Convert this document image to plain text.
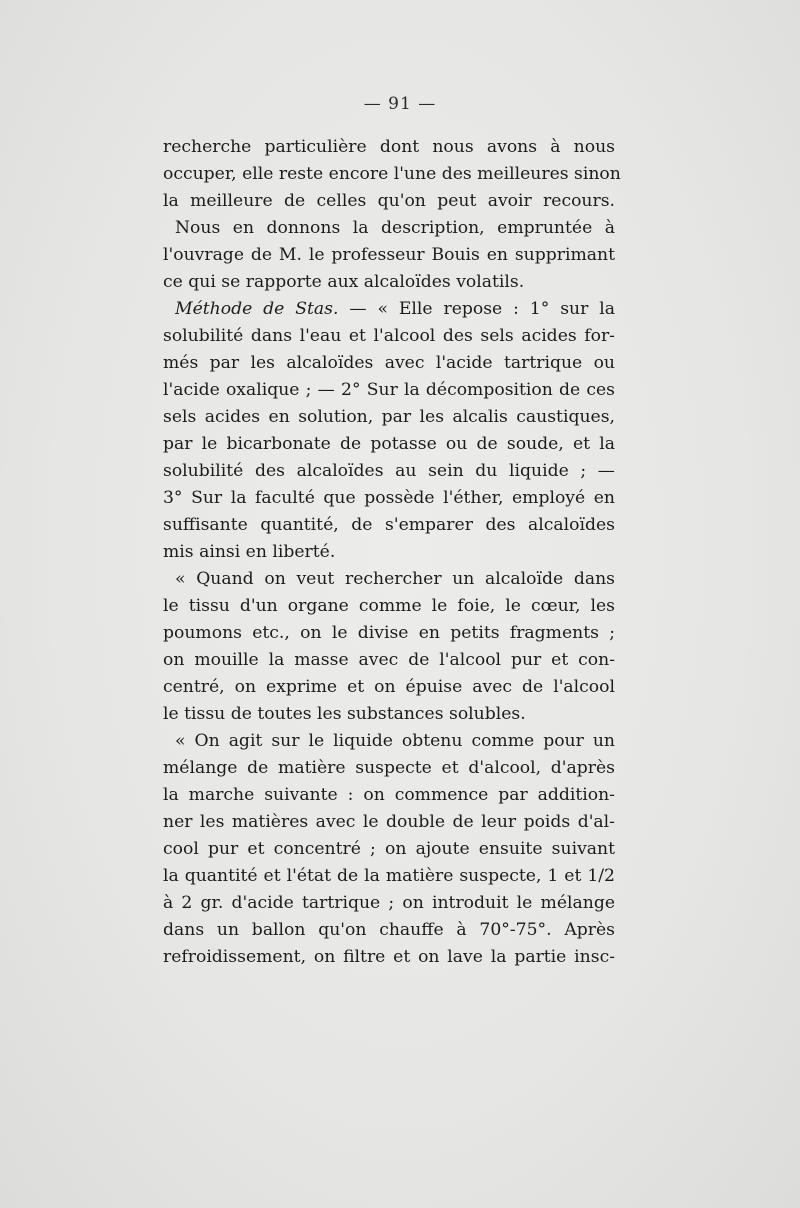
— 91 —
recherche particulière dont nous avons à nous
occuper, elle reste encore l'une des meilleures sinon
la meilleure de celles qu'on peut avoir recours.
Nous en donnons la description, empruntée à
l'ouvrage de M. le professeur Bouis en supprimant
ce qui se rapporte aux alcaloïdes volatils.
Méthode de Stas. — « Elle repose : 1° sur la
solubilité dans l'eau et l'alcool des sels acides for-
més par les alcaloïdes avec l'acide tartrique ou
l'acide oxalique ; — 2° Sur la décomposition de ces
sels acides en solution, par les alcalis caustiques,
par le bicarbonate de potasse ou de soude, et la
solubilité des alcaloïdes au sein du liquide ; —
3° Sur la faculté que possède l'éther, employé en
suffisante quantité, de s'emparer des alcaloïdes
mis ainsi en liberté.
« Quand on veut rechercher un alcaloïde dans
le tissu d'un organe comme le foie, le cœur, les
poumons etc., on le divise en petits fragments ;
on mouille la masse avec de l'alcool pur et con-
centré, on exprime et on épuise avec de l'alcool
le tissu de toutes les substances solubles.
« On agit sur le liquide obtenu comme pour un
mélange de matière suspecte et d'alcool, d'après
la marche suivante : on commence par addition-
ner les matières avec le double de leur poids d'al-
cool pur et concentré ; on ajoute ensuite suivant
la quantité et l'état de la matière suspecte, 1 et 1/2
à 2 gr. d'acide tartrique ; on introduit le mélange
dans un ballon qu'on chauffe à 70°-75°. Après
refroidissement, on filtre et on lave la partie insc-
